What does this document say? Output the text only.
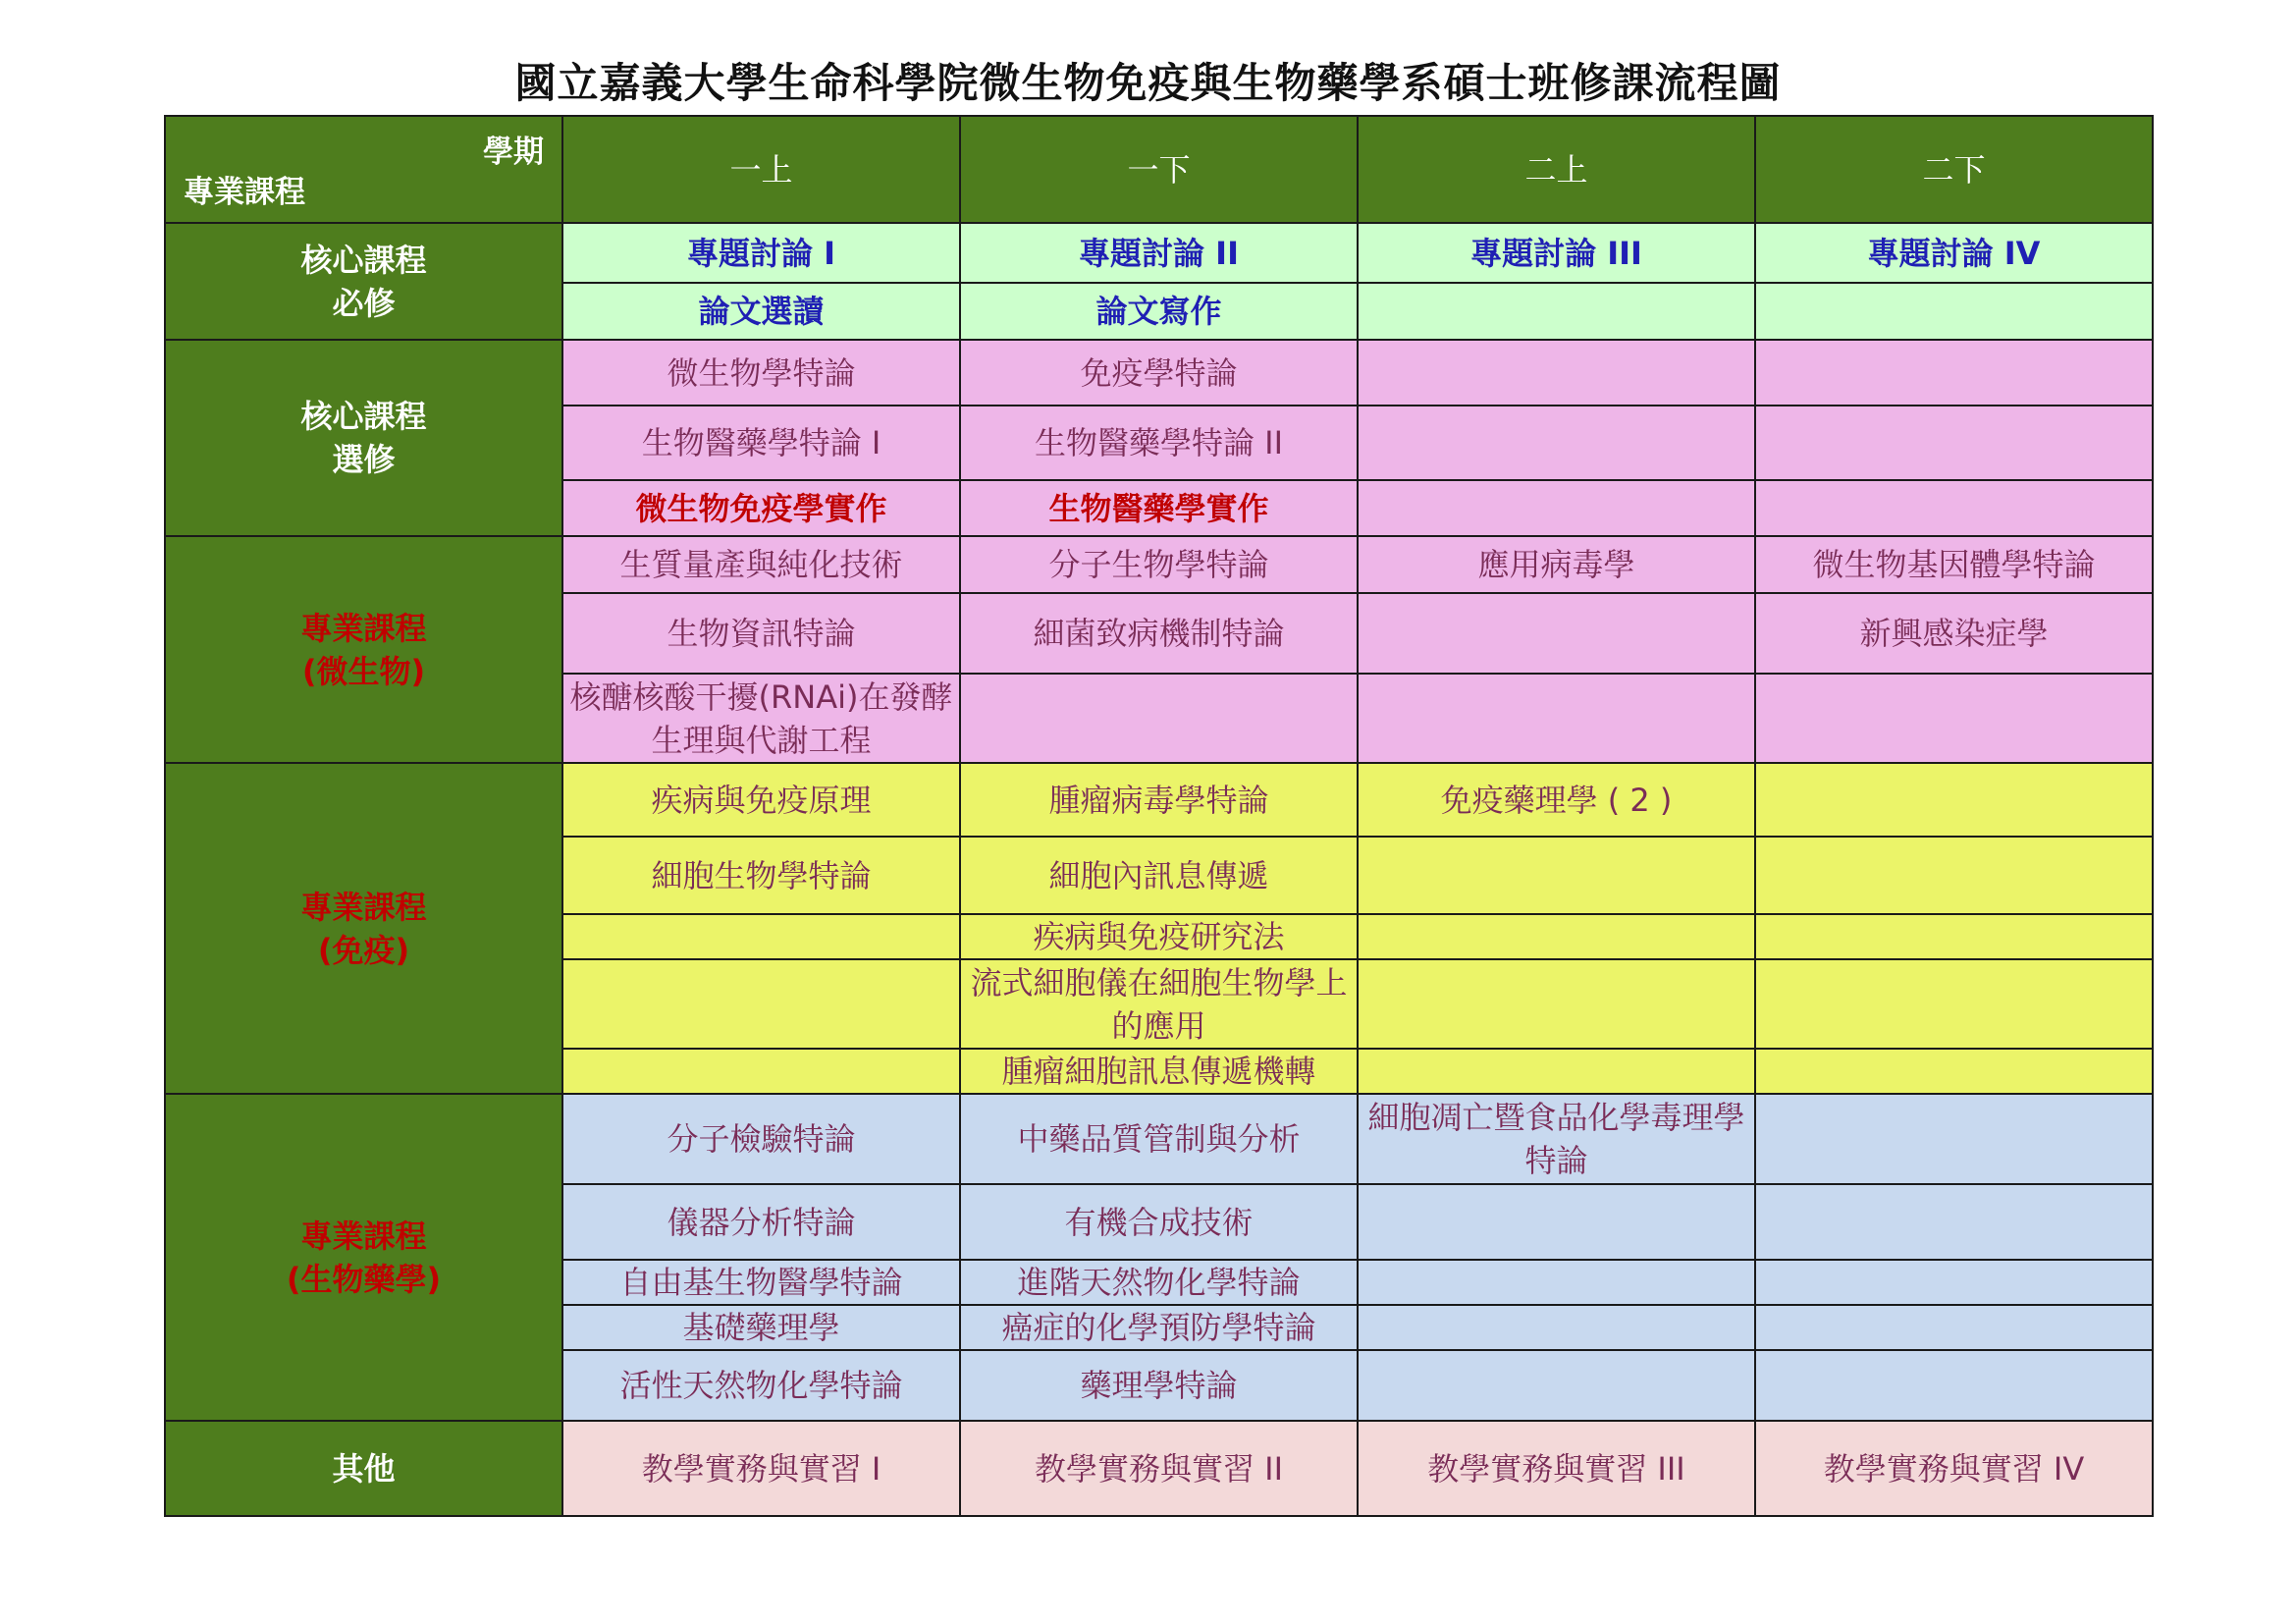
國立嘉義大學生命科學院微生物免疫與生物藥學系碩士班修課流程圖
學期
專業課程	一上	一下	二上	二下

核心課程
必修	專題討論 I	專題討論 II	專題討論 III	專題討論 IV
	論文選讀	論文寫作		

核心課程
選修	微生物學特論	免疫學特論		
	生物醫藥學特論 I	生物醫藥學特論 II		
	微生物免疫學實作	生物醫藥學實作		

專業課程
(微生物)	生質量產與純化技術	分子生物學特論	應用病毒學	微生物基因體學特論
	生物資訊特論	細菌致病機制特論		新興感染症學
	核醣核酸干擾(RNAi)在發酵生理與代謝工程			

專業課程
(免疫)	疾病與免疫原理	腫瘤病毒學特論	免疫藥理學 ( 2 )	
	細胞生物學特論	細胞內訊息傳遞		
		疾病與免疫研究法		
		流式細胞儀在細胞生物學上的應用		
		腫瘤細胞訊息傳遞機轉		

專業課程
(生物藥學)	分子檢驗特論	中藥品質管制與分析	細胞凋亡暨食品化學毒理學特論	
	儀器分析特論	有機合成技術		
	自由基生物醫學特論	進階天然物化學特論		
	基礎藥理學	癌症的化學預防學特論		
	活性天然物化學特論	藥理學特論		
其他	教學實務與實習 I	教學實務與實習 II	教學實務與實習 III	教學實務與實習 IV
